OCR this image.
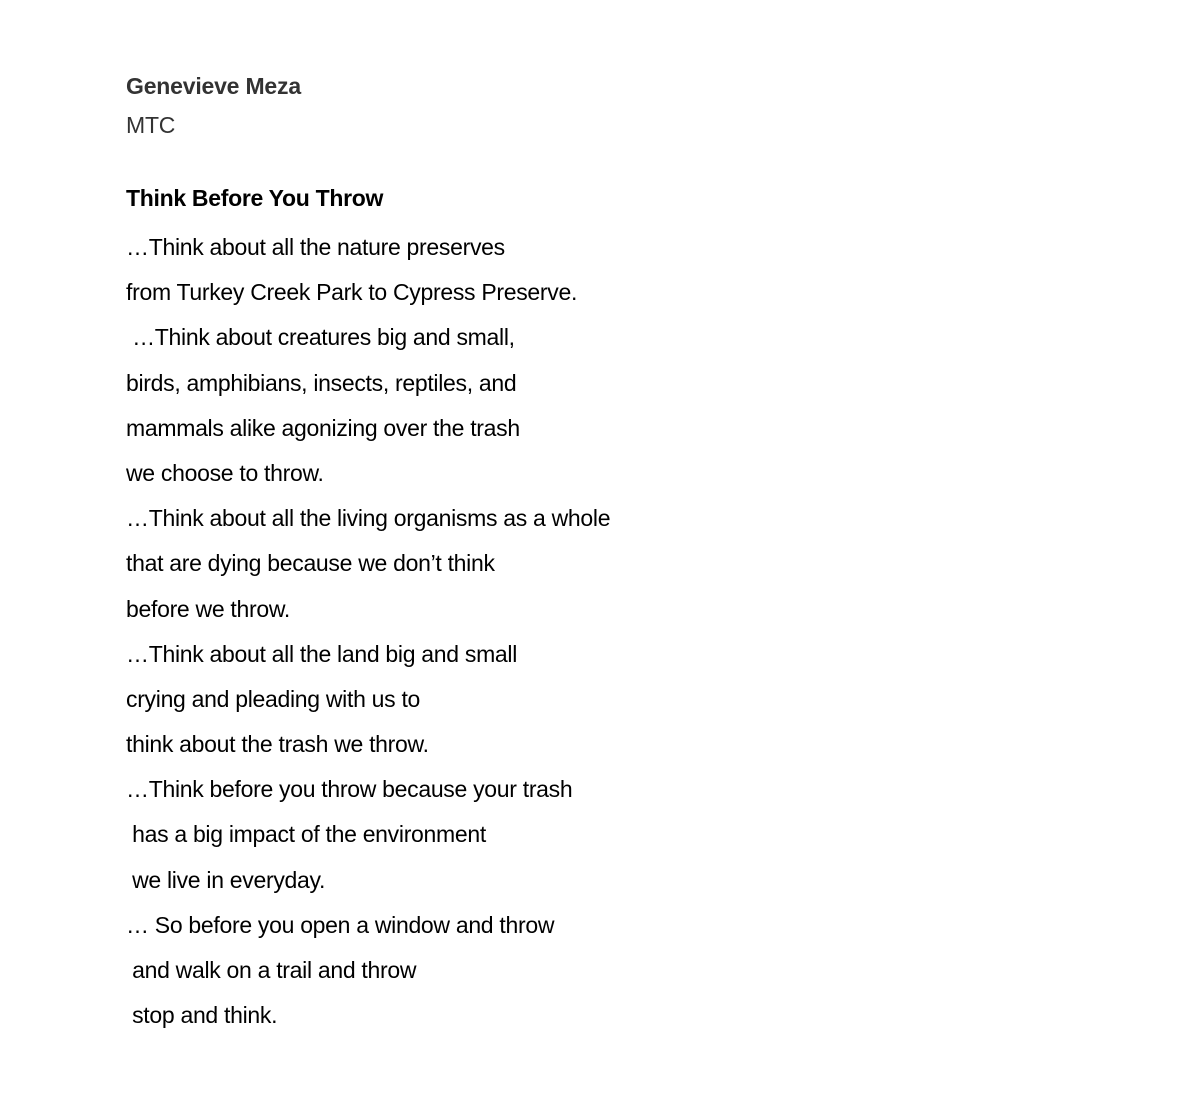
Genevieve Meza
MTC
Think Before You Throw
…Think about all the nature preserves
from Turkey Creek Park to Cypress Preserve.
…Think about creatures big and small,
birds, amphibians, insects, reptiles, and
mammals alike agonizing over the trash
we choose to throw.
…Think about all the living organisms as a whole
that are dying because we don’t think
before we throw.
…Think about all the land big and small
crying and pleading with us to
think about the trash we throw.
…Think before you throw because your trash
has a big impact of the environment
we live in everyday.
… So before you open a window and throw
and walk on a trail and throw
stop and think.
